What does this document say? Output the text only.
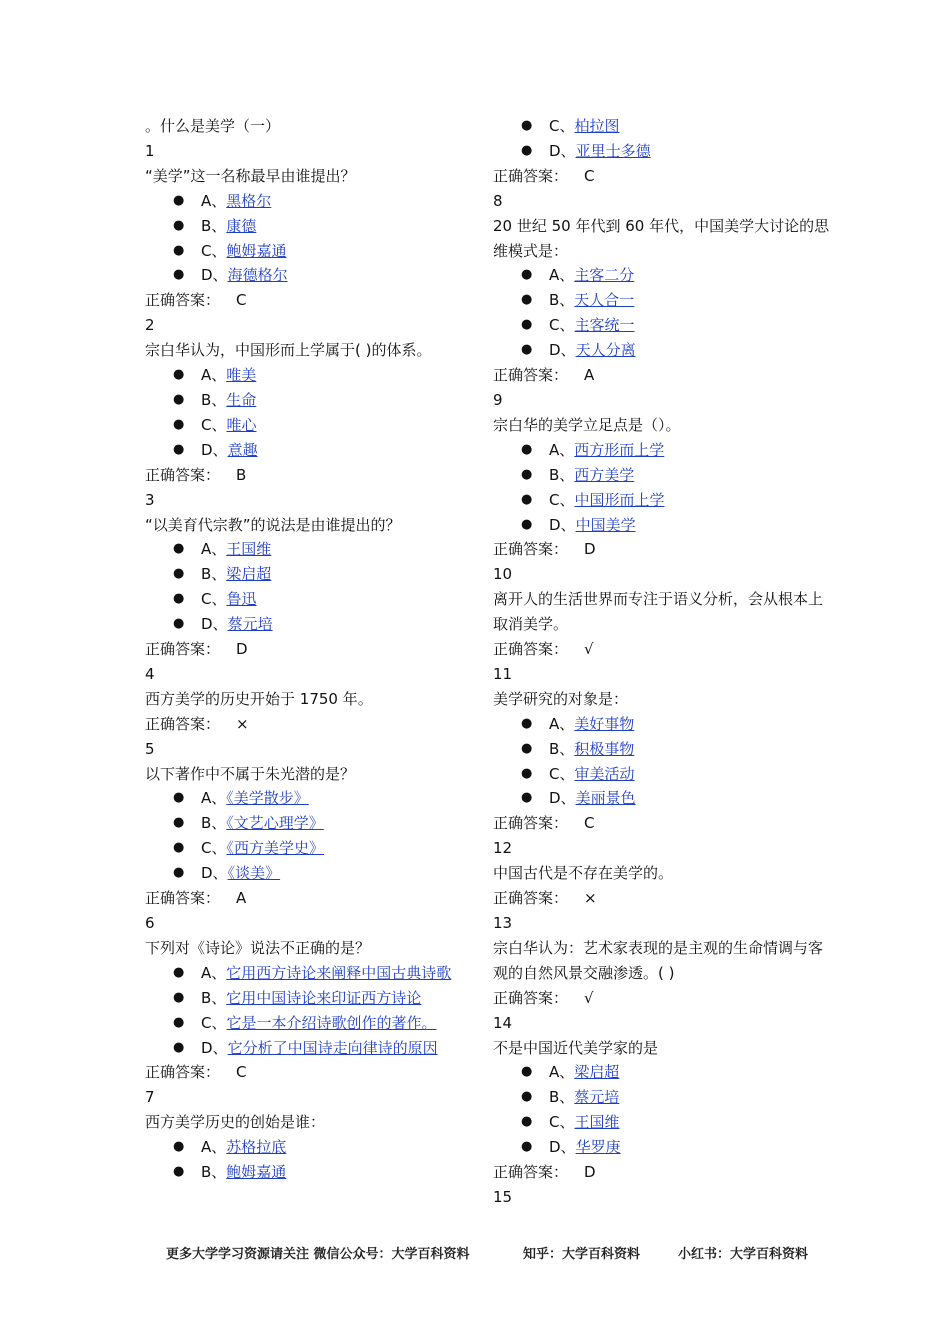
。什么是美学（一）
1
“美学”这一名称最早由谁提出？
● A、黑格尔
● B、康德
● C、鲍姆嘉通
● D、海德格尔
正确答案： C
2
宗白华认为，中国形而上学属于( )的体系。
● A、唯美
● B、生命
● C、唯心
● D、意趣
正确答案： B
3
“以美育代宗教”的说法是由谁提出的？
● A、王国维
● B、梁启超
● C、鲁迅
● D、蔡元培
正确答案： D
4
西方美学的历史开始于 1750 年。
正确答案： ×
5
以下著作中不属于朱光潜的是？
● A、《美学散步》
● B、《文艺心理学》
● C、《西方美学史》
● D、《谈美》
正确答案： A
6
下列对《诗论》说法不正确的是？
● A、它用西方诗论来阐释中国古典诗歌
● B、它用中国诗论来印证西方诗论
● C、它是一本介绍诗歌创作的著作。
● D、它分析了中国诗走向律诗的原因
正确答案： C
7
西方美学历史的创始是谁：
● A、苏格拉底
● B、鲍姆嘉通
● C、柏拉图
● D、亚里士多德
正确答案： C
8
20 世纪 50 年代到 60 年代，中国美学大讨论的思维模式是：
● A、主客二分
● B、天人合一
● C、主客统一
● D、天人分离
正确答案： A
9
宗白华的美学立足点是（）。
● A、西方形而上学
● B、西方美学
● C、中国形而上学
● D、中国美学
正确答案： D
10
离开人的生活世界而专注于语义分析，会从根本上取消美学。
正确答案： √
11
美学研究的对象是：
● A、美好事物
● B、积极事物
● C、审美活动
● D、美丽景色
正确答案： C
12
中国古代是不存在美学的。
正确答案： ×
13
宗白华认为：艺术家表现的是主观的生命情调与客观的自然风景交融渗透。( )
正确答案： √
14
不是中国近代美学家的是
● A、梁启超
● B、蔡元培
● C、王国维
● D、华罗庚
正确答案： D
15
更多大学学习资源请关注 微信公众号：大学百科资料	知乎：大学百科资料	小红书：大学百科资料
